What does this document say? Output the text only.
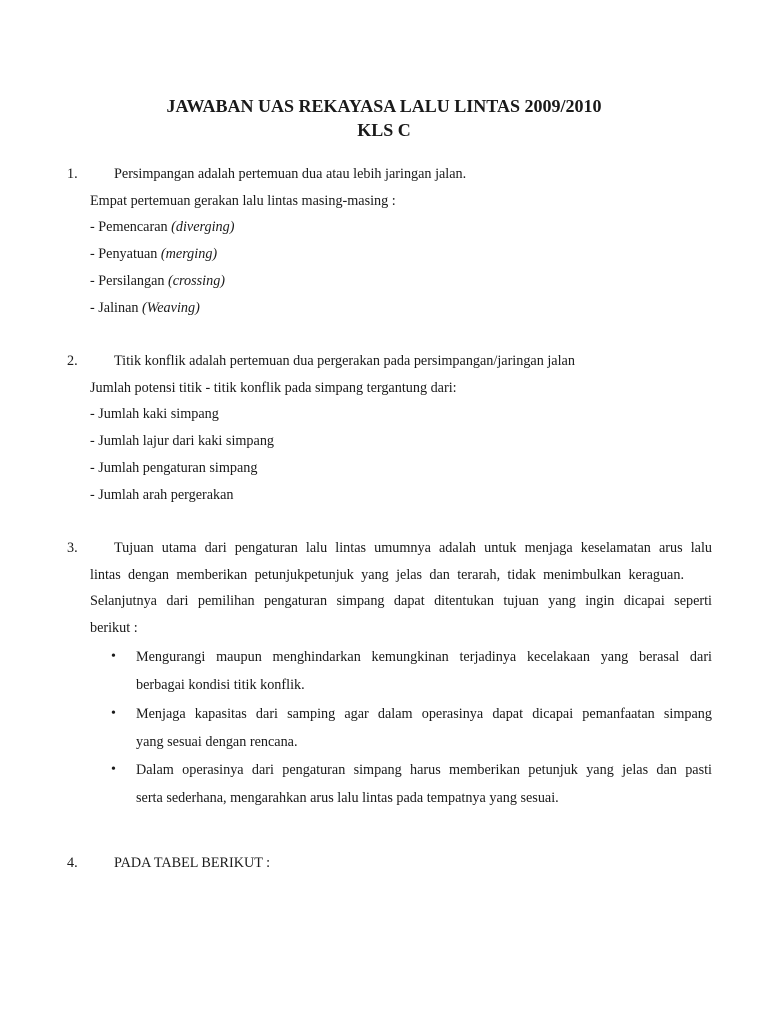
JAWABAN UAS REKAYASA LALU LINTAS 2009/2010
KLS C
1.	Persimpangan adalah pertemuan dua atau lebih jaringan jalan.
Empat pertemuan gerakan lalu lintas masing-masing :
- Pemencaran (diverging)
- Penyatuan (merging)
- Persilangan (crossing)
- Jalinan (Weaving)
2.	Titik konflik adalah pertemuan dua pergerakan pada persimpangan/jaringan jalan
Jumlah potensi titik - titik konflik pada simpang tergantung dari:
- Jumlah kaki simpang
- Jumlah lajur dari kaki simpang
- Jumlah pengaturan simpang
- Jumlah arah pergerakan
3.	Tujuan utama dari pengaturan lalu lintas umumnya adalah untuk menjaga keselamatan arus lalu
lintas dengan memberikan petunjukpetunjuk yang jelas dan terarah, tidak menimbulkan keraguan.
Selanjutnya dari pemilihan pengaturan simpang dapat ditentukan tujuan yang ingin dicapai seperti
berikut :
• Mengurangi maupun menghindarkan kemungkinan terjadinya kecelakaan yang berasal dari
berbagai kondisi titik konflik.
• Menjaga kapasitas dari samping agar dalam operasinya dapat dicapai pemanfaatan simpang
yang sesuai dengan rencana.
• Dalam operasinya dari pengaturan simpang harus memberikan petunjuk yang jelas dan pasti
serta sederhana, mengarahkan arus lalu lintas pada tempatnya yang sesuai.
4.	PADA TABEL BERIKUT :
